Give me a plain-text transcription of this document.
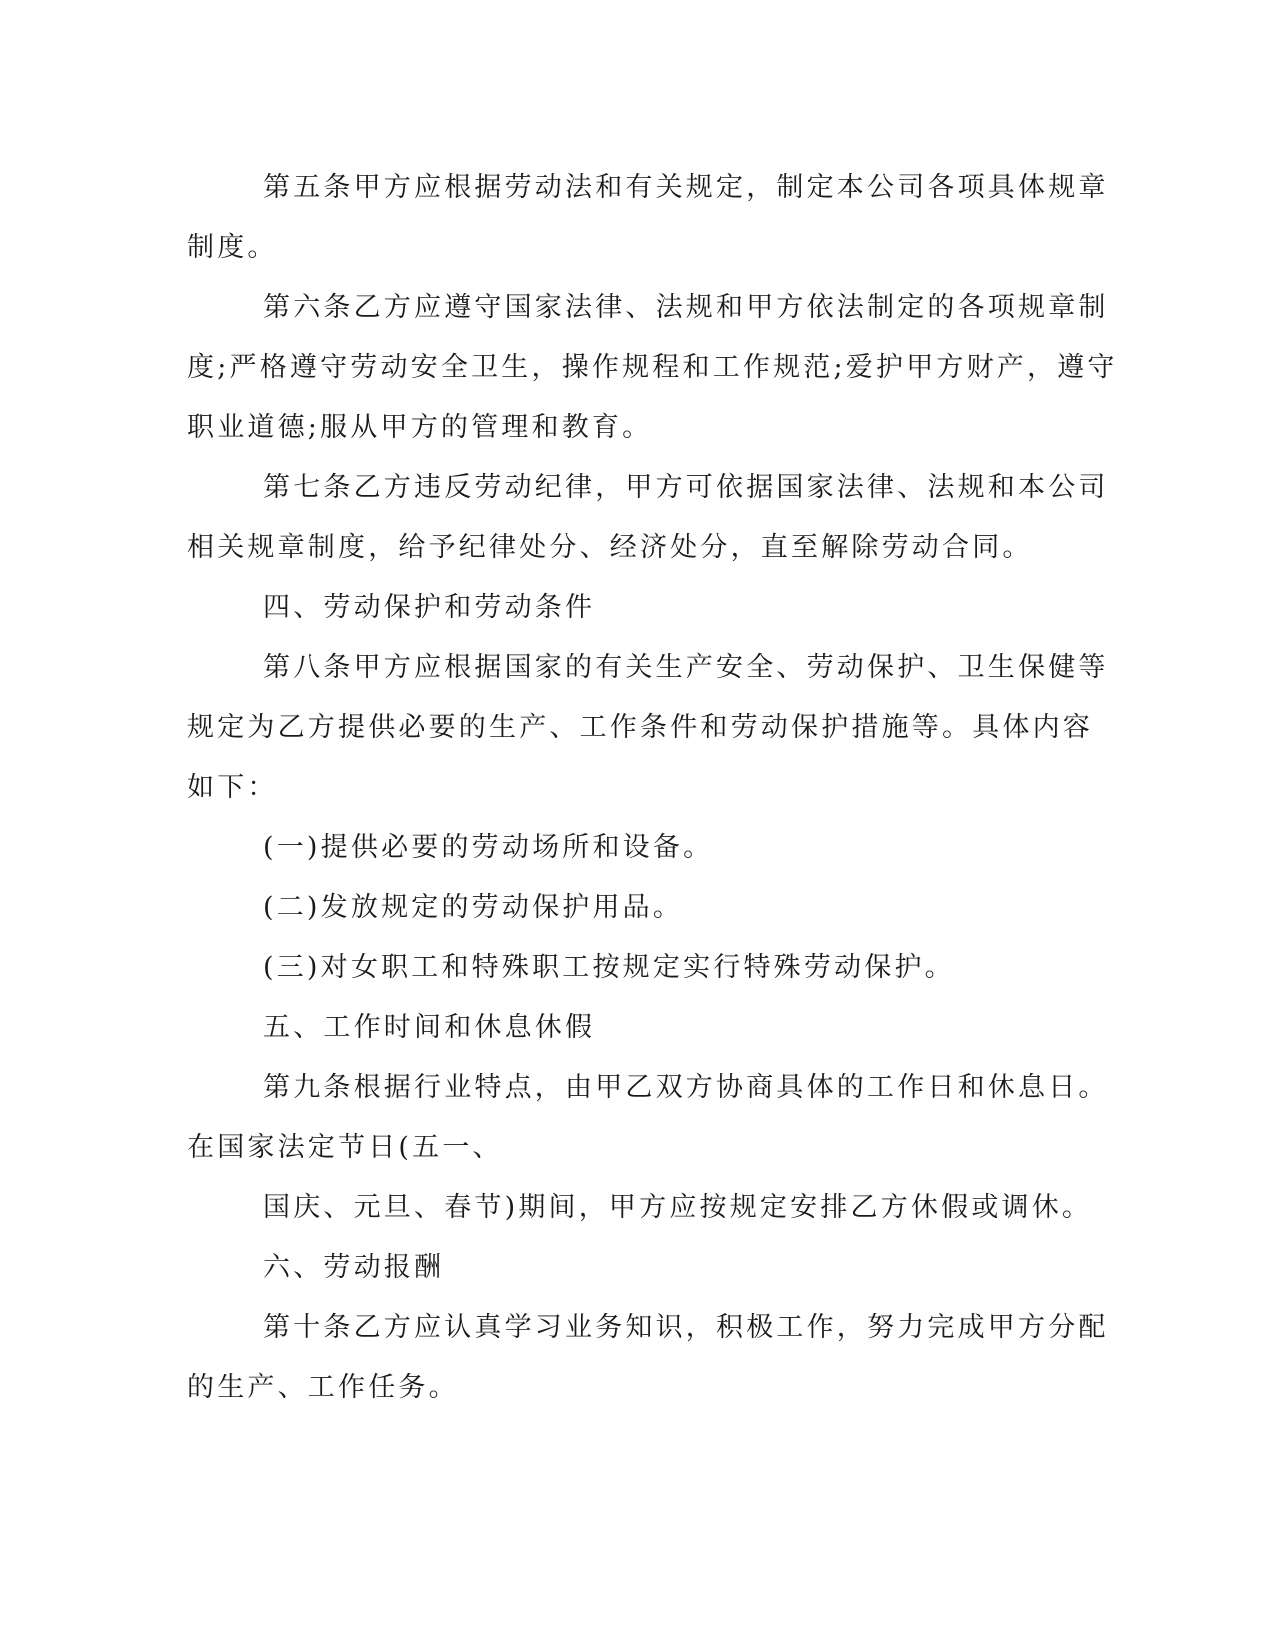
第五条甲方应根据劳动法和有关规定，制定本公司各项具体规章

制度。

第六条乙方应遵守国家法律、法规和甲方依法制定的各项规章制

度;严格遵守劳动安全卫生，操作规程和工作规范;爱护甲方财产，遵守

职业道德;服从甲方的管理和教育。

第七条乙方违反劳动纪律，甲方可依据国家法律、法规和本公司

相关规章制度，给予纪律处分、经济处分，直至解除劳动合同。

四、劳动保护和劳动条件

第八条甲方应根据国家的有关生产安全、劳动保护、卫生保健等

规定为乙方提供必要的生产、工作条件和劳动保护措施等。具体内容

如下：

(一)提供必要的劳动场所和设备。

(二)发放规定的劳动保护用品。

(三)对女职工和特殊职工按规定实行特殊劳动保护。

五、工作时间和休息休假

第九条根据行业特点，由甲乙双方协商具体的工作日和休息日。

在国家法定节日(五一、

国庆、元旦、春节)期间，甲方应按规定安排乙方休假或调休。

六、劳动报酬

第十条乙方应认真学习业务知识，积极工作，努力完成甲方分配

的生产、工作任务。
